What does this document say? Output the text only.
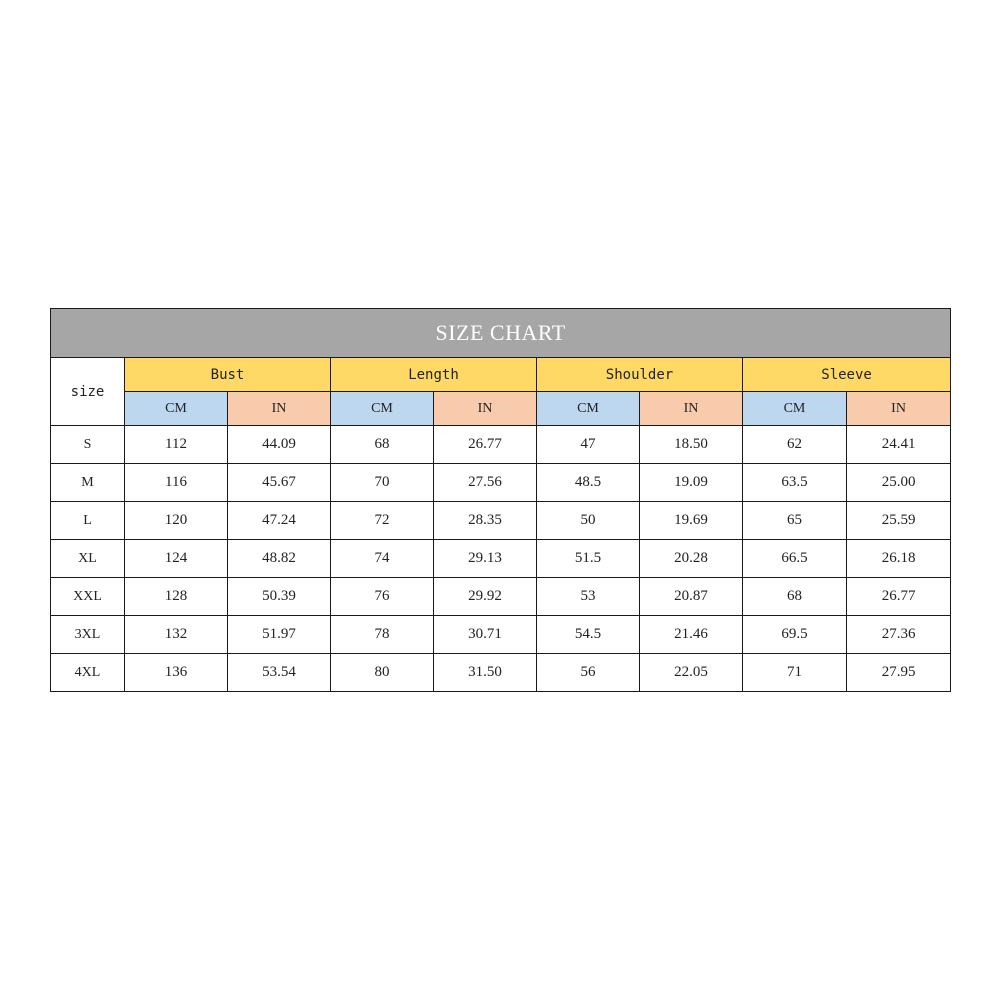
SIZE CHART								
size	Bust		Length		Shoulder		Sleeve	
	CM	IN	CM	IN	CM	IN	CM	IN
S	112	44.09	68	26.77	47	18.50	62	24.41
M	116	45.67	70	27.56	48.5	19.09	63.5	25.00
L	120	47.24	72	28.35	50	19.69	65	25.59
XL	124	48.82	74	29.13	51.5	20.28	66.5	26.18
XXL	128	50.39	76	29.92	53	20.87	68	26.77
3XL	132	51.97	78	30.71	54.5	21.46	69.5	27.36
4XL	136	53.54	80	31.50	56	22.05	71	27.95
